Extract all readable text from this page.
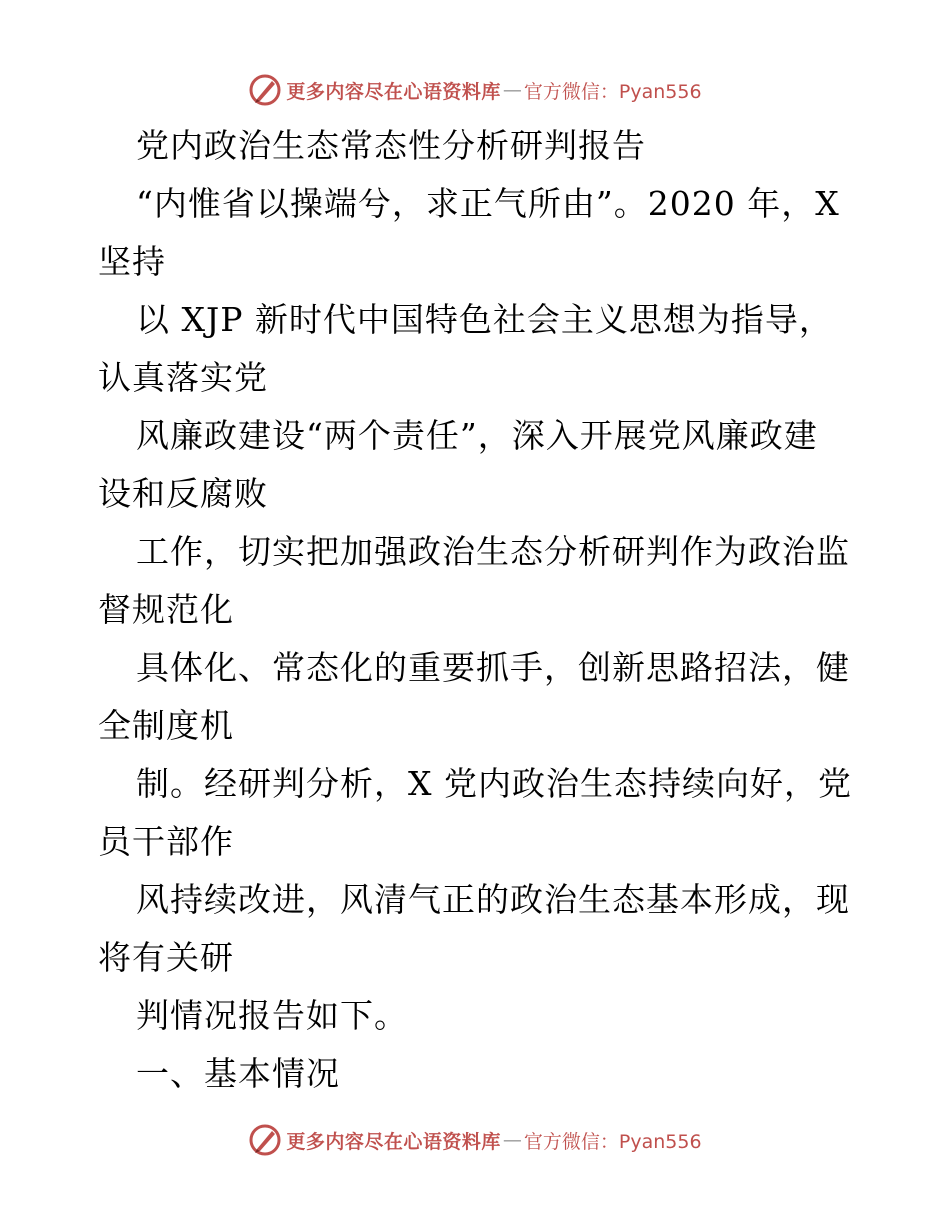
更多内容尽在心语资料库 — 官方微信：Pyan556
党内政治生态常态性分析研判报告
“内惟省以操端兮，求正气所由”。2020 年，X
坚持
以 XJP 新时代中国特色社会主义思想为指导，
认真落实党
风廉政建设“两个责任”，深入开展党风廉政建
设和反腐败
工作，切实把加强政治生态分析研判作为政治监
督规范化
具体化、常态化的重要抓手，创新思路招法，健
全制度机
制。经研判分析，X 党内政治生态持续向好，党
员干部作
风持续改进，风清气正的政治生态基本形成，现
将有关研
判情况报告如下。
一、基本情况
更多内容尽在心语资料库 — 官方微信：Pyan556
